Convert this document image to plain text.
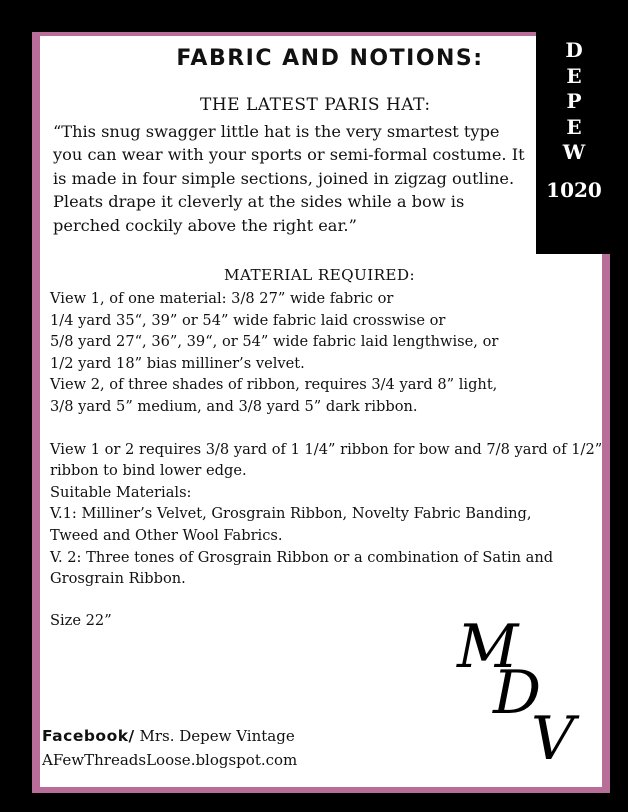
D
E
P
E
W
1020
FABRIC AND NOTIONS:
THE LATEST PARIS HAT:
“This snug swagger little hat is the very smartest type you can wear with your sports or semi-formal costume. It is made in four simple sections, joined in zigzag outline. Pleats drape it cleverly at the sides while a bow is perched cockily above the right ear.”
MATERIAL REQUIRED:
View 1, of one material: 3/8 27” wide fabric or
1/4 yard 35“, 39” or 54” wide fabric laid crosswise or
5/8 yard 27“, 36”, 39“, or 54” wide fabric laid lengthwise, or
1/2 yard 18” bias milliner’s velvet.
View 2, of three shades of ribbon, requires 3/4 yard 8” light,
3/8 yard 5” medium, and 3/8 yard 5” dark ribbon.
View 1 or 2 requires 3/8 yard of 1 1/4” ribbon for bow and 7/8 yard of 1/2”
ribbon to bind lower edge.
Suitable Materials:
V.1: Milliner’s Velvet, Grosgrain Ribbon, Novelty Fabric Banding,
Tweed and Other Wool Fabrics.
V. 2: Three tones of Grosgrain Ribbon or a combination of Satin and
Grosgrain Ribbon.
Size 22”	M
D
V
Facebook/ Mrs. Depew Vintage
AFewThreadsLoose.blogspot.com
